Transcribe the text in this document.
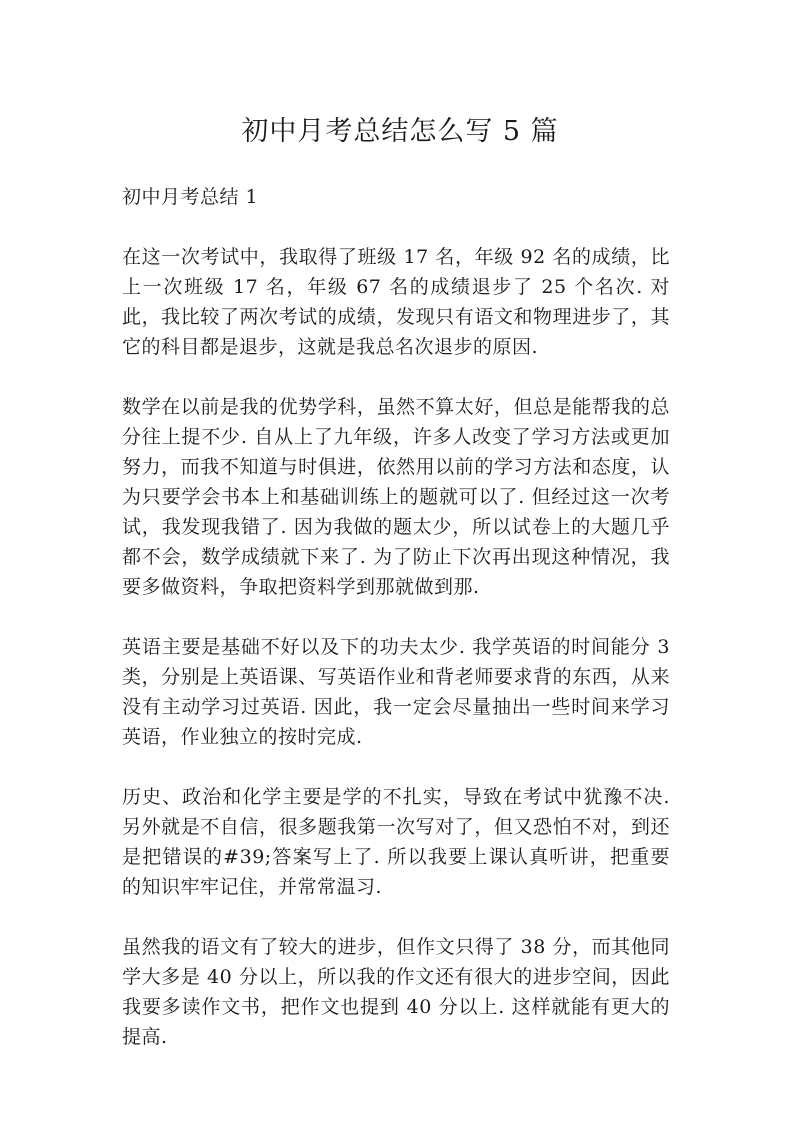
初中月考总结怎么写 5 篇

初中月考总结 1

在这一次考试中，我取得了班级 17 名，年级 92 名的成绩，比上一次班级 17 名，年级 67 名的成绩退步了 25 个名次. 对此，我比较了两次考试的成绩，发现只有语文和物理进步了，其它的科目都是退步，这就是我总名次退步的原因.

数学在以前是我的优势学科，虽然不算太好，但总是能帮我的总分往上提不少. 自从上了九年级，许多人改变了学习方法或更加努力，而我不知道与时俱进，依然用以前的学习方法和态度，认为只要学会书本上和基础训练上的题就可以了. 但经过这一次考试，我发现我错了. 因为我做的题太少，所以试卷上的大题几乎都不会，数学成绩就下来了. 为了防止下次再出现这种情况，我要多做资料，争取把资料学到那就做到那.

英语主要是基础不好以及下的功夫太少. 我学英语的时间能分 3 类，分别是上英语课、写英语作业和背老师要求背的东西，从来没有主动学习过英语. 因此，我一定会尽量抽出一些时间来学习英语，作业独立的按时完成.

历史、政治和化学主要是学的不扎实，导致在考试中犹豫不决. 另外就是不自信，很多题我第一次写对了，但又恐怕不对，到还是把错误的#39;答案写上了. 所以我要上课认真听讲，把重要的知识牢牢记住，并常常温习.

虽然我的语文有了较大的进步，但作文只得了 38 分，而其他同学大多是 40 分以上，所以我的作文还有很大的进步空间，因此我要多读作文书，把作文也提到 40 分以上. 这样就能有更大的提高.
